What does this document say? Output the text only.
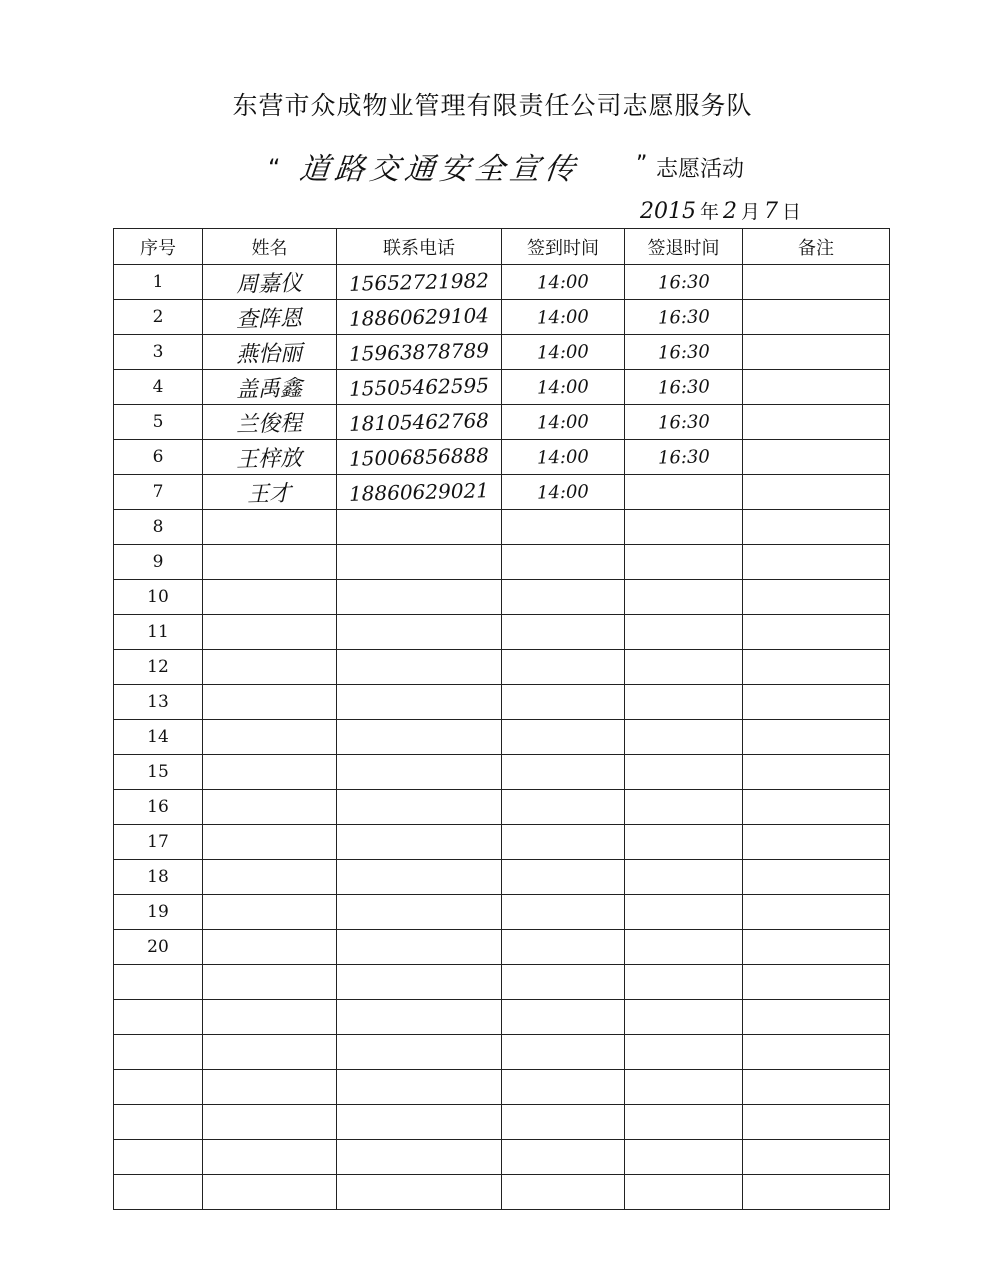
东营市众成物业管理有限责任公司志愿服务队
“ 道路交通安全宣传 ” 志愿活动
2015 年 2 月 7 日
序号	姓名	联系电话	签到时间	签退时间	备注
1	周嘉仪	15652721982	14:00	16:30	
2	查阵恩	18860629104	14:00	16:30	
3	燕怡丽	15963878789	14:00	16:30	
4	盖禹鑫	15505462595	14:00	16:30	
5	兰俊程	18105462768	14:00	16:30	
6	王梓放	15006856888	14:00	16:30	
7	王才	18860629021	14:00		
8					
9					
10					
11					
12					
13					
14					
15					
16					
17					
18					
19					
20					
